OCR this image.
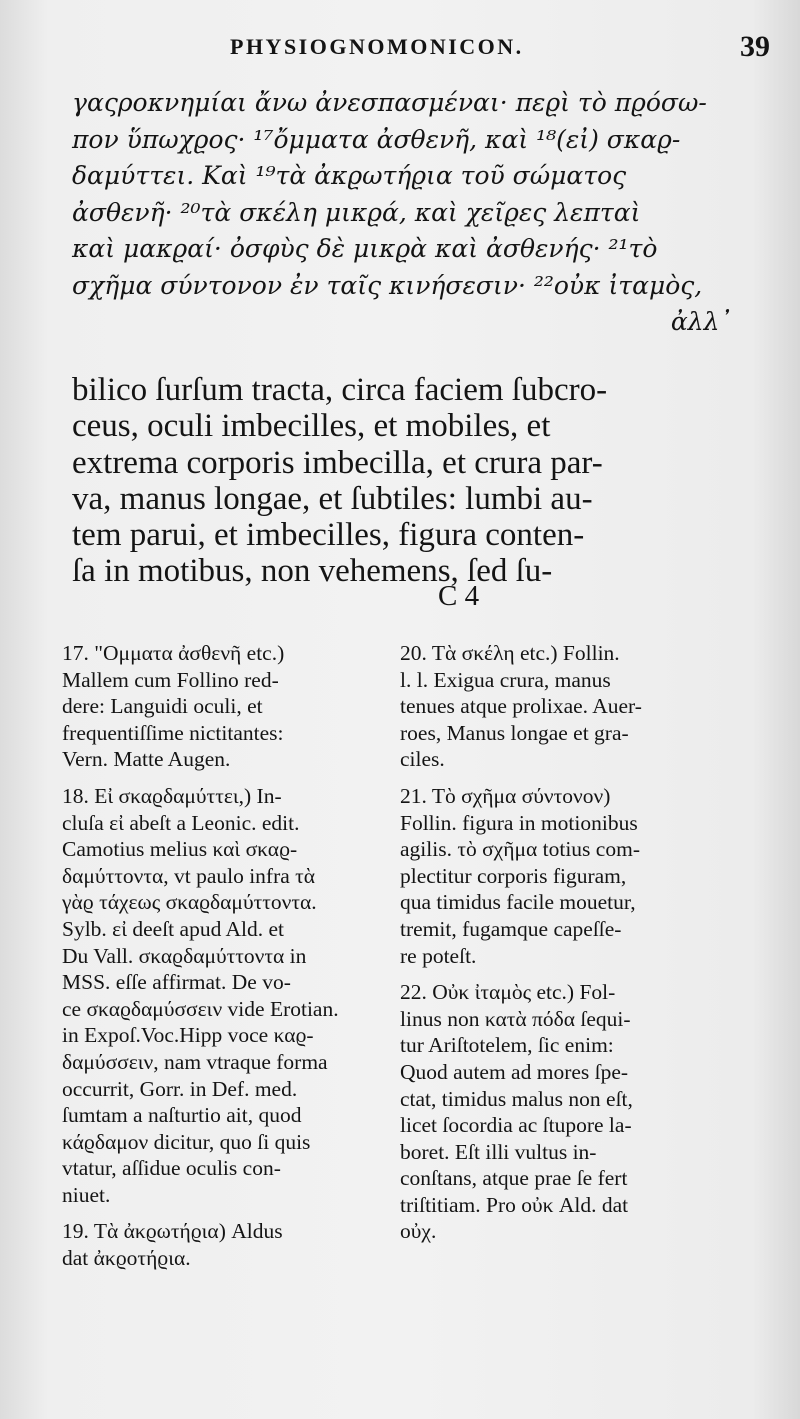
PHYSIOGNOMONICON.	39
γαςροκνημίαι ἄνω ἀνεσπασμέναι· πεϱὶ τὸ πϱόσω-
πον ὕπωχϱος· ¹⁷ὄμματα ἀσθενῆ, καὶ ¹⁸(εἰ) σκαϱ-
δαμύττει. Καὶ ¹⁹τὰ ἀκϱωτήϱια τοῦ σώματος
ἀσθενῆ· ²⁰τὰ σκέλη μικϱά, καὶ χεῖϱες λεπταὶ
καὶ μακϱαί· ὀσφὺς δὲ μικϱὰ καὶ ἀσθενής· ²¹τὸ
σχῆμα σύντονον ἐν ταῖς κινήσεσιν· ²²οὐκ ἰταμὸς,
ἀλλ᾽
bilico ſurſum tracta, circa faciem ſubcro-
ceus, oculi imbecilles, et mobiles, et
extrema corporis imbecilla, et crura par-
va, manus longae, et ſubtiles: lumbi au-
tem parui, et imbecilles, figura conten-
ſa in motibus, non vehemens, ſed ſu-
C 4
17. "Ομματα ἀσθενῆ etc.)
Mallem cum Follino red-
dere: Languidi oculi, et
frequentiſſime nictitantes:
Vern. Matte Augen.
18. Eἰ σκαϱδαμύττει,) In-
cluſa εἰ abeſt a Leonic. edit.
Camotius melius καὶ σκαϱ-
δαμύττοντα, vt paulo infra τὰ
γὰϱ τάχεως σκαϱδαμύττοντα.
Sylb. εἰ deeſt apud Ald. et
Du Vall. σκαϱδαμύττοντα in
MSS. eſſe affirmat. De vo-
ce σκαϱδαμύσσειν vide Erotian.
in Expoſ.Voc.Hipp voce καϱ-
δαμύσσειν, nam vtraque forma
occurrit, Gorr. in Def. med.
ſumtam a naſturtio ait, quod
κάϱδαμον dicitur, quo ſi quis
vtatur, aſſidue oculis con-
niuet.
19. Τὰ ἀκϱωτήϱια) Aldus
dat ἀκϱοτήϱια.
20. Τὰ σκέλη etc.) Follin.
l. l. Exigua crura, manus
tenues atque prolixae. Auer-
roes, Manus longae et gra-
ciles.
21. Τὸ σχῆμα σύντονον)
Follin. figura in motionibus
agilis. τὸ σχῆμα totius com-
plectitur corporis figuram,
qua timidus facile mouetur,
tremit, fugamque capeſſe-
re poteſt.
22. Οὐκ ἰταμὸς etc.) Fol-
linus non κατὰ πόδα ſequi-
tur Ariſtotelem, ſic enim:
Quod autem ad mores ſpe-
ctat, timidus malus non eſt,
licet ſocordia ac ſtupore la-
boret. Eſt illi vultus in-
conſtans, atque prae ſe fert
triſtitiam. Pro οὐκ Ald. dat
οὐχ.
